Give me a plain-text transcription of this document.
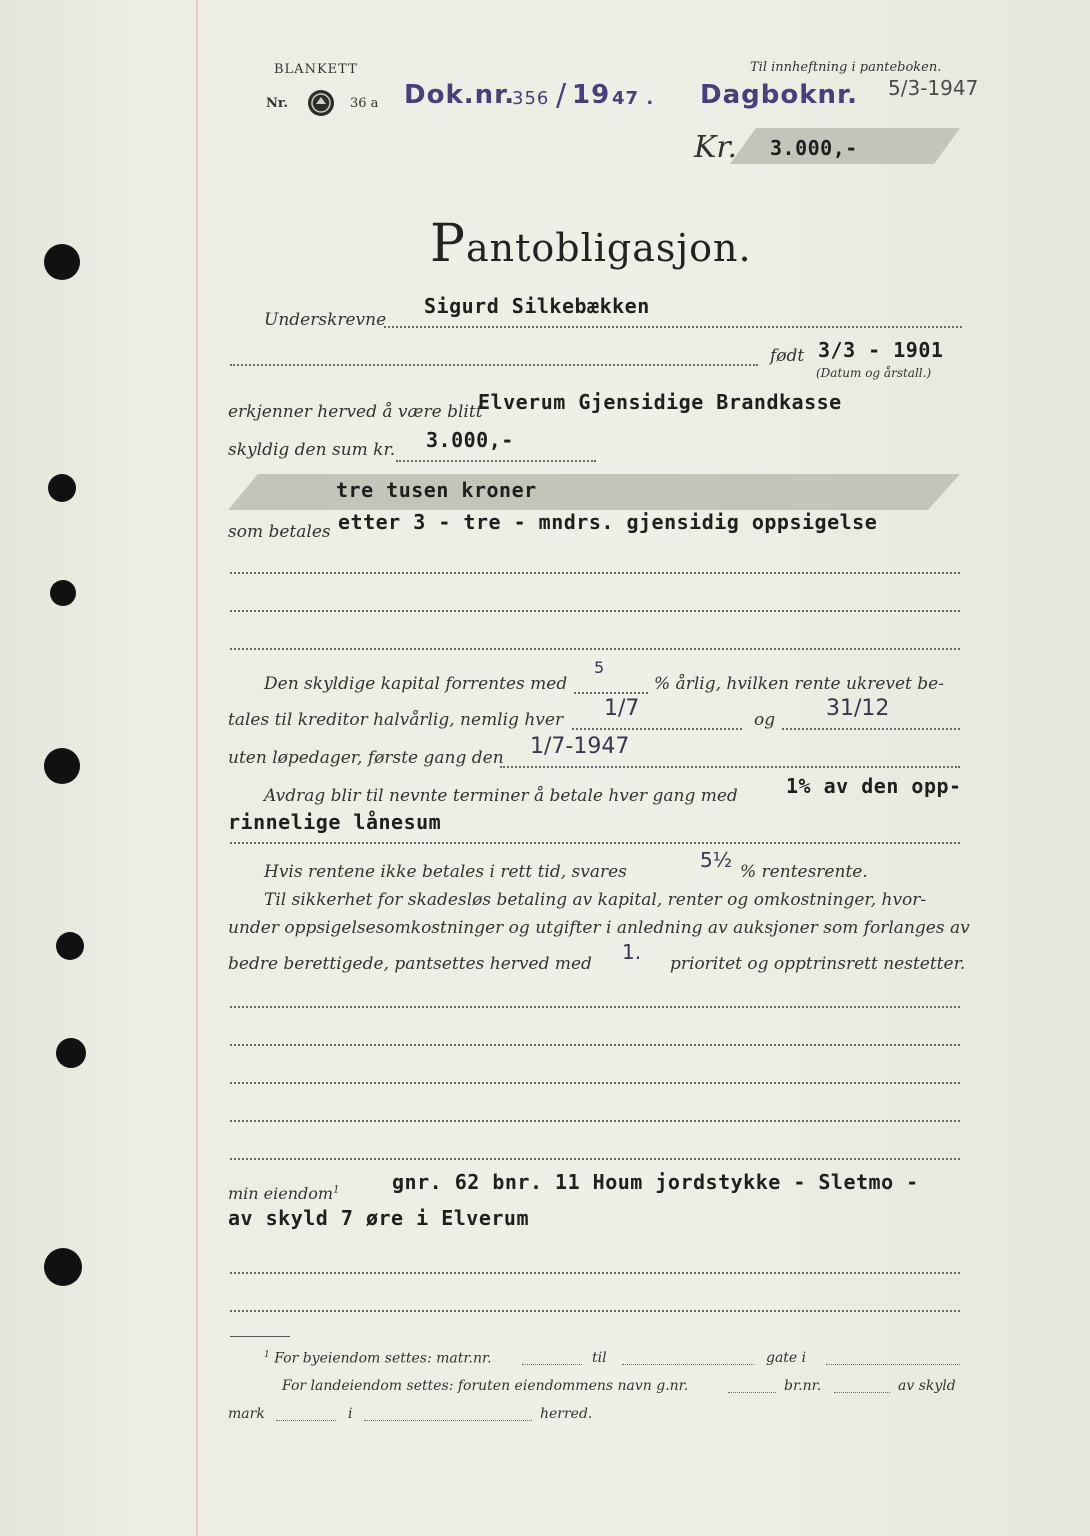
BLANKETT
Nr.	36 a Dok.nr.
356 / 19 47 . Dagboknr.
Til innheftning i panteboken.
5/3-1947
Kr. 3.000,-
Pantobligasjon.
Sigurd Silkebækken
Underskrevne
født 3/3 - 1901
(Datum og årstall.)
erkjenner herved å være blitt
Elverum Gjensidige Brandkasse
skyldig den sum kr. 3.000,-
tre tusen kroner
som betales etter 3 - tre - mndrs. gjensidig oppsigelse
Den skyldige kapital forrentes med
5
% årlig, hvilken rente ukrevet be-
tales til kreditor halvårlig, nemlig hver 1/7	og 31/12
uten løpedager, første gang den 1/7-1947
Avdrag blir til nevnte terminer å betale hver gang med 1% av den opp-
rinnelige lånesum
Hvis rentene ikke betales i rett tid, svares	5½ % rentesrente.
Til sikkerhet for skadesløs betaling av kapital, renter og omkostninger, hvor-
under oppsigelsesomkostninger og utgifter i anledning av auksjoner som forlanges av
bedre berettigede, pantsettes herved med 1. prioritet og opptrinsrett nestetter.
min eiendom$^1$	gnr. 62 bnr. 11 Houm jordstykke - Sletmo -
av skyld 7 øre i Elverum
$^1$ For byeiendom settes: matr.nr.	til	gate i
For landeiendom settes: foruten eiendommens navn g.nr.	br.nr.	av skyld
mark	i	herred.
